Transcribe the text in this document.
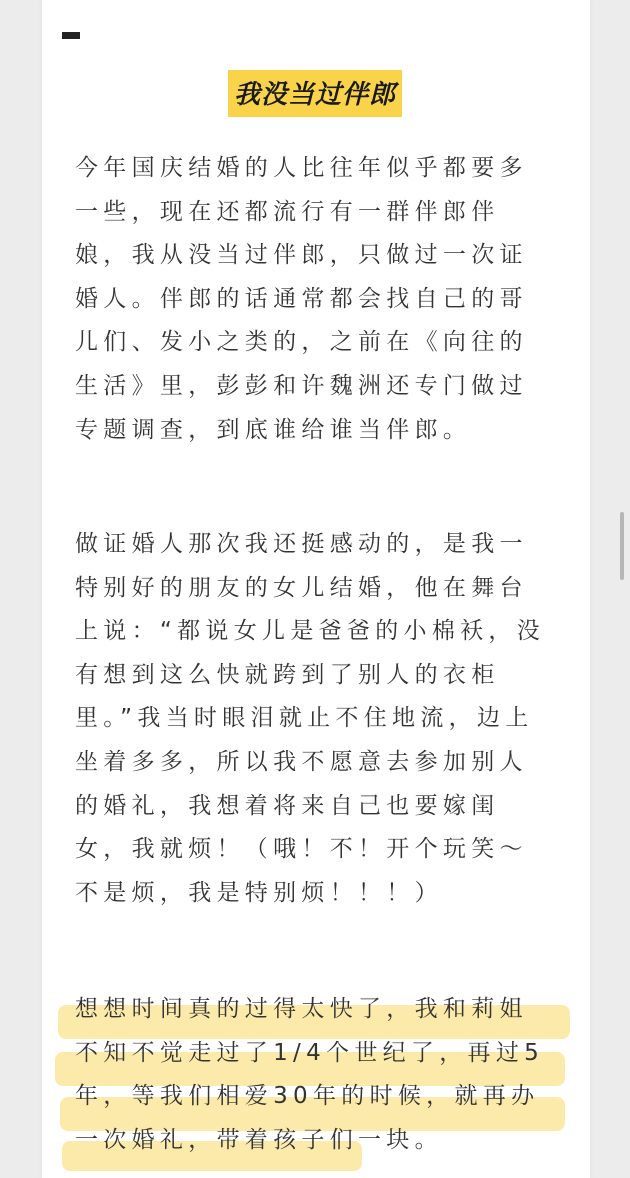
我没当过伴郎
今年国庆结婚的人比往年似乎都要多一些，现在还都流行有一群伴郎伴娘，我从没当过伴郎，只做过一次证婚人。伴郎的话通常都会找自己的哥儿们、发小之类的，之前在《向往的生活》里，彭彭和许魏洲还专门做过专题调查，到底谁给谁当伴郎。
做证婚人那次我还挺感动的，是我一特别好的朋友的女儿结婚，他在舞台上说：“都说女儿是爸爸的小棉袄，没有想到这么快就跨到了别人的衣柜里。”我当时眼泪就止不住地流，边上坐着多多，所以我不愿意去参加别人的婚礼，我想着将来自己也要嫁闺女，我就烦！（哦！不！开个玩笑～不是烦，我是特别烦！！！）
想想时间真的过得太快了，我和莉姐不知不觉走过了1/4个世纪了，再过5年，等我们相爱30年的时候，就再办一次婚礼，带着孩子们一块。
